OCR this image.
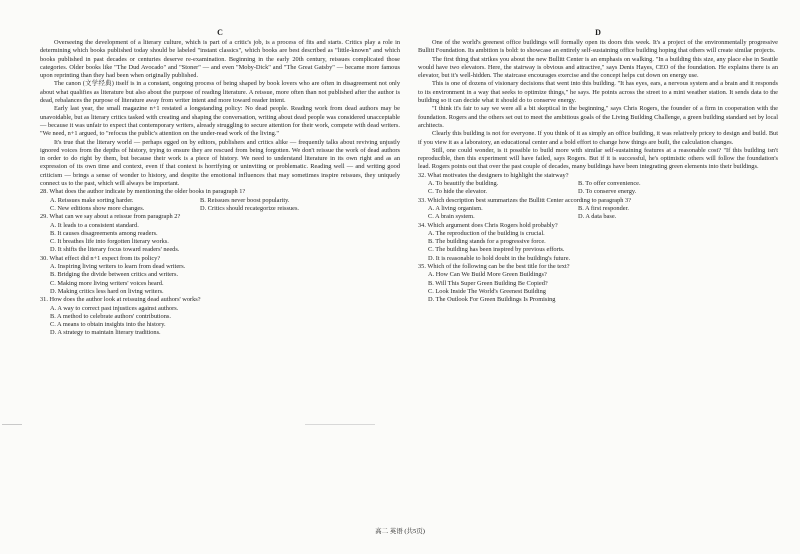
C

Overseeing the development of a literary culture, which is part of a critic's job, is a process of fits and starts. Critics play a role in determining which books published today should be labeled "instant classics", which books are best described as "little-known" and which books published in past decades or centuries deserve re-examination. Beginning in the early 20th century, reissues complicated those categories. Older books like "The Dud Avocado" and "Stoner" — and even "Moby-Dick" and "The Great Gatsby" — became more famous upon reprinting than they had been when originally published.

The canon (文学经典) itself is in a constant, ongoing process of being shaped by book lovers who are often in disagreement not only about what qualifies as literature but also about the purpose of reading literature. A reissue, more often than not published after the author is dead, rebalances the purpose of literature away from writer intent and more toward reader intent.

Early last year, the small magazine n+1 restated a longstanding policy: No dead people. Reading work from dead authors may be unavoidable, but as literary critics tasked with creating and shaping the conversation, writing about dead people was considered unacceptable — because it was unfair to expect that contemporary writers, already struggling to secure attention for their work, compete with dead writers. "We need, n+1 argued, to "refocus the public's attention on the under-read work of the living."

It's true that the literary world — perhaps egged on by editors, publishers and critics alike — frequently talks about reviving unjustly ignored voices from the depths of history, trying to ensure they are rescued from being forgotten. We don't reissue the work of dead authors in order to do right by them, but because their work is a piece of history. We need to understand literature in its own right and as an expression of its own time and context, even if that context is horrifying or uninviting or problematic. Reading well — and writing good criticism — brings a sense of wonder to history, and despite the emotional influences that may sometimes inspire reissues, they uniquely connect us to the past, which will always be important.

28. What does the author indicate by mentioning the older books in paragraph 1?

A. Reissues make sorting harder.	B. Reissues never boost popularity.
C. New editions show more changes.	D. Critics should recategorize reissues.

29. What can we say about a reissue from paragraph 2?

A. It leads to a consistent standard.

B. It causes disagreements among readers.

C. It breathes life into forgotten literary works.

D. It shifts the literary focus toward readers' needs.

30. What effect did n+1 expect from its policy?

A. Inspiring living writers to learn from dead writers.

B. Bridging the divide between critics and writers.

C. Making more living writers' voices heard.

D. Making critics less hard on living writers.

31. How does the author look at reissuing dead authors' works?

A. A way to correct past injustices against authors.

B. A method to celebrate authors' contributions.

C. A means to obtain insights into the history.

D. A strategy to maintain literary traditions.

D

One of the world's greenest office buildings will formally open its doors this week. It's a project of the environmentally progressive Bullitt Foundation. Its ambition is bold: to showcase an entirely self-sustaining office building hoping that others will create similar projects.

The first thing that strikes you about the new Bullitt Center is an emphasis on walking. "In a building this size, any place else in Seattle would have two elevators. Here, the stairway is obvious and attractive," says Denis Hayes, CEO of the foundation. He explains there is an elevator, but it's well-hidden. The staircase encourages exercise and the concept helps cut down on energy use.

This is one of dozens of visionary decisions that went into this building. "It has eyes, ears, a nervous system and a brain and it responds to its environment in a way that seeks to optimize things," he says. He points across the street to a mini weather station. It sends data to the building so it can decide what it should do to conserve energy.

"I think it's fair to say we were all a bit skeptical in the beginning," says Chris Rogers, the founder of a firm in cooperation with the foundation. Rogers and the others set out to meet the ambitious goals of the Living Building Challenge, a green building standard set by local architects.

Clearly this building is not for everyone. If you think of it as simply an office building, it was relatively pricey to design and build. But if you view it as a laboratory, an educational center and a bold effort to change how things are built, the calculation changes.

Still, one could wonder, is it possible to build more with similar self-sustaining features at a reasonable cost? "If this building isn't reproducible, then this experiment will have failed, says Rogers. But if it is successful, he's optimistic others will follow the foundation's lead. Rogers points out that over the past couple of decades, many buildings have been integrating green elements into their buildings.

32. What motivates the designers to highlight the stairway?

A. To beautify the building.	B. To offer convenience.
C. To hide the elevator.	D. To conserve energy.

33. Which description best summarizes the Bullitt Center according to paragraph 3?

A. A living organism.	B. A first responder.
C. A brain system.	D. A data base.

34. Which argument does Chris Rogers hold probably?

A. The reproduction of the building is crucial.

B. The building stands for a progressive force.

C. The building has been inspired by previous efforts.

D. It is reasonable to hold doubt in the building's future.

35. Which of the following can be the best title for the text?

A. How Can We Build More Green Buildings?

B. Will This Super Green Building Be Copied?

C. Look Inside The World's Greenest Building

D. The Outlook For Green Buildings Is Promising

高二 英语 (共5页)
